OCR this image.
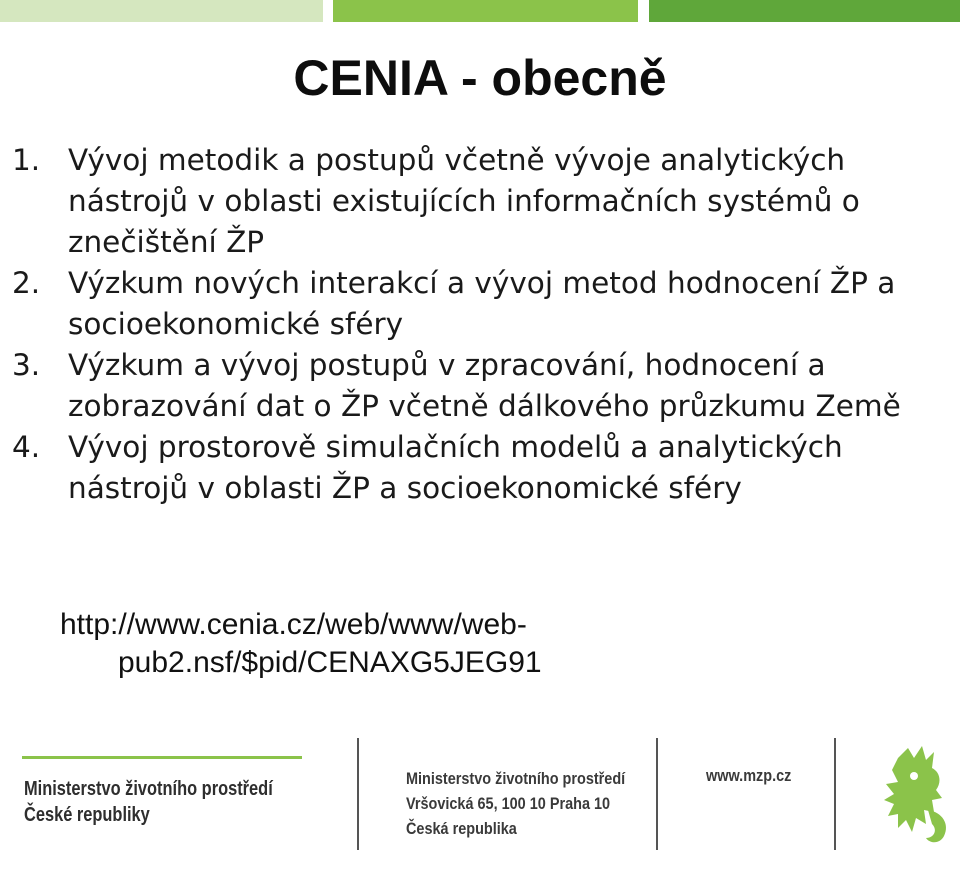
CENIA - obecně
1. Vývoj metodik a postupů včetně vývoje analytických nástrojů v oblasti existujících informačních systémů o znečištění ŽP
2. Výzkum nových interakcí a vývoj metod hodnocení ŽP a socioekonomické sféry
3. Výzkum a vývoj postupů v zpracování, hodnocení a zobrazování dat o ŽP včetně dálkového průzkumu Země
4. Vývoj prostorově simulačních modelů a analytických nástrojů v oblasti ŽP a socioekonomické sféry
http://www.cenia.cz/web/www/web-
pub2.nsf/$pid/CENAXG5JEG91
Ministerstvo životního prostředí
České republiky
Ministerstvo životního prostředí
Vršovická 65, 100 10 Praha 10
Česká republika
www.mzp.cz
